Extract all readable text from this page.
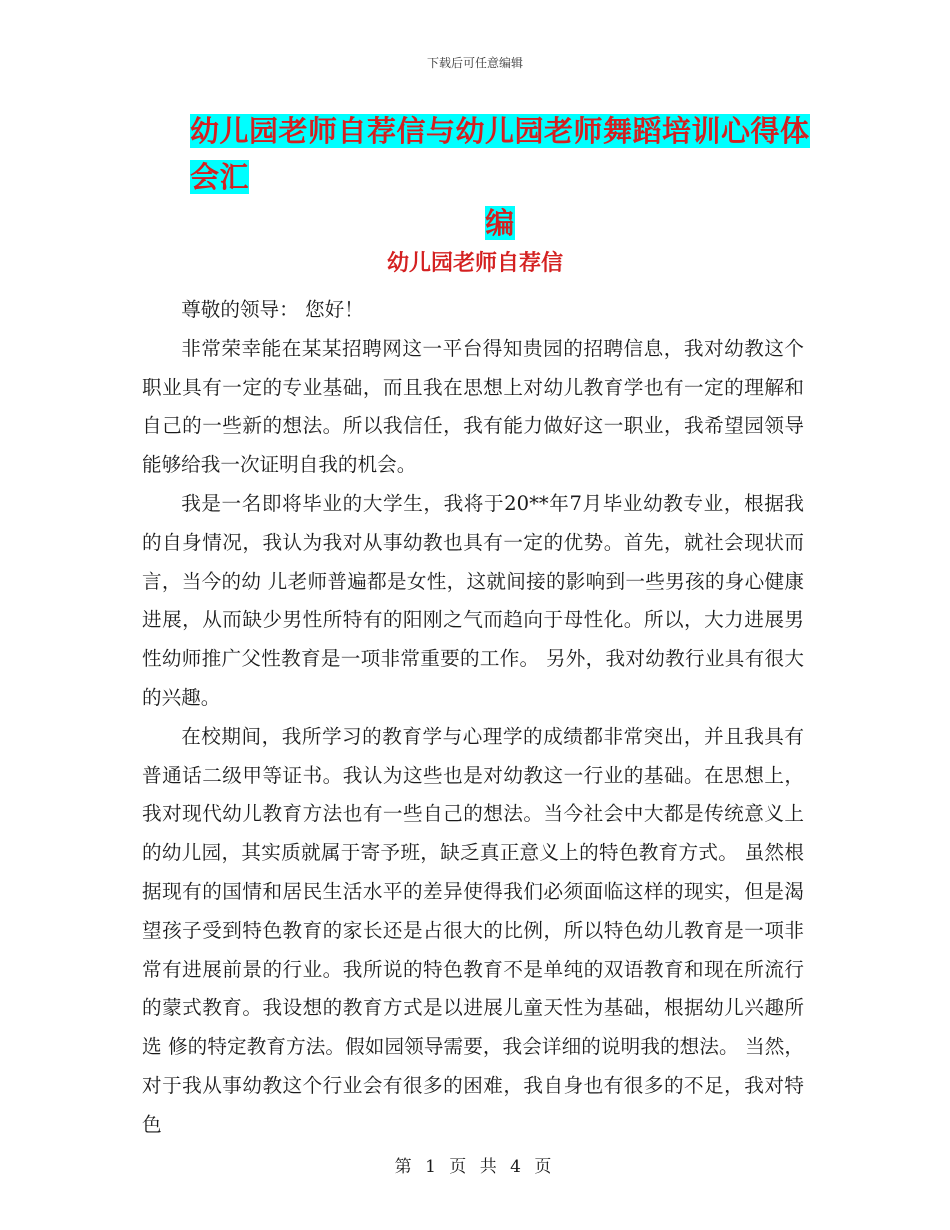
下载后可任意编辑
幼儿园老师自荐信与幼儿园老师舞蹈培训心得体会汇
编
幼儿园老师自荐信

尊敬的领导： 您好！

非常荣幸能在某某招聘网这一平台得知贵园的招聘信息，我对幼教这个职业具有一定的专业基础，而且我在思想上对幼儿教育学也有一定的理解和自己的一些新的想法。所以我信任，我有能力做好这一职业，我希望园领导能够给我一次证明自我的机会。

我是一名即将毕业的大学生，我将于20**年7月毕业幼教专业，根据我的自身情况，我认为我对从事幼教也具有一定的优势。首先，就社会现状而言，当今的幼 儿老师普遍都是女性，这就间接的影响到一些男孩的身心健康进展，从而缺少男性所特有的阳刚之气而趋向于母性化。所以，大力进展男性幼师推广父性教育是一项非常重要的工作。 另外，我对幼教行业具有很大的兴趣。

在校期间，我所学习的教育学与心理学的成绩都非常突出，并且我具有普通话二级甲等证书。我认为这些也是对幼教这一行业的基础。在思想上，我对现代幼儿教育方法也有一些自己的想法。当今社会中大都是传统意义上的幼儿园，其实质就属于寄予班，缺乏真正意义上的特色教育方式。 虽然根据现有的国情和居民生活水平的差异使得我们必须面临这样的现实，但是渴望孩子受到特色教育的家长还是占很大的比例，所以特色幼儿教育是一项非常有进展前景的行业。我所说的特色教育不是单纯的双语教育和现在所流行的蒙式教育。我设想的教育方式是以进展儿童天性为基础，根据幼儿兴趣所选 修的特定教育方法。假如园领导需要，我会详细的说明我的想法。 当然，对于我从事幼教这个行业会有很多的困难，我自身也有很多的不足，我对特色

第 1 页 共 4 页
